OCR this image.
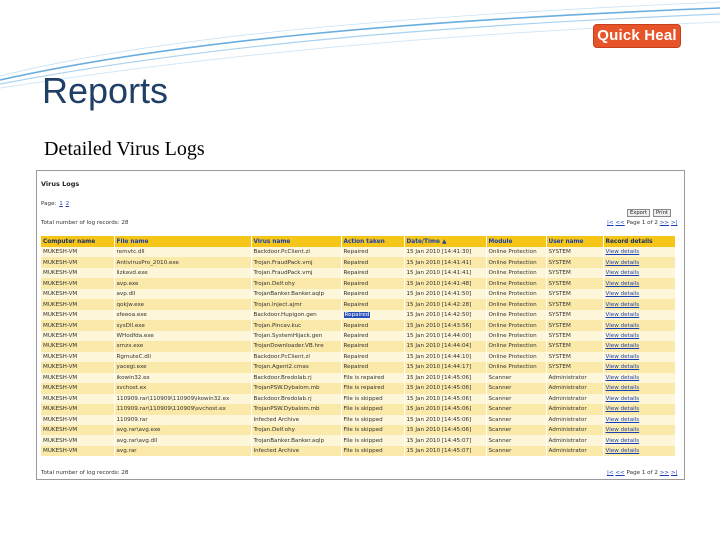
Quick Heal
Reports
Detailed Virus Logs
Virus Logs
Page: 1 2
Export	Print
Total number of log records: 28	|< << Page 1 of 2 >> >|
Computer name	File name	Virus name	Action taken	Date/Time ▲	Module	User name	Record details
MUKESH-VM	remvtc.dll	Backdoor.PcClient.zl	Repaired	15 Jan 2010 [14:41:30]	Online Protection	SYSTEM	View details
MUKESH-VM	AntivirusPro_2010.exe	Trojan.FraudPack.vmj	Repaired	15 Jan 2010 [14:41:41]	Online Protection	SYSTEM	View details
MUKESH-VM	lizkavd.exe	Trojan.FraudPack.vmj	Repaired	15 Jan 2010 [14:41:41]	Online Protection	SYSTEM	View details
MUKESH-VM	avp.exe	Trojan.Delf.ohy	Repaired	15 Jan 2010 [14:41:48]	Online Protection	SYSTEM	View details
MUKESH-VM	avp.dll	TrojanBanker.Banker.aqlp	Repaired	15 Jan 2010 [14:41:50]	Online Protection	SYSTEM	View details
MUKESH-VM	qokjw.exe	Trojan.Inject.ajmr	Repaired	15 Jan 2010 [14:42:28]	Online Protection	SYSTEM	View details
MUKESH-VM	sfeeoa.exe	Backdoor.Hupigon.gen	Repaired	15 Jan 2010 [14:42:50]	Online Protection	SYSTEM	View details
MUKESH-VM	sysDll.exe	Trojan.Pincav.kuc	Repaired	15 Jan 2010 [14:43:56]	Online Protection	SYSTEM	View details
MUKESH-VM	WHodfda.exe	Trojan.SystemHijack.gen	Repaired	15 Jan 2010 [14:44:00]	Online Protection	SYSTEM	View details
MUKESH-VM	xmzx.exe	TrojanDownloader.VB.hre	Repaired	15 Jan 2010 [14:44:04]	Online Protection	SYSTEM	View details
MUKESH-VM	RgmuteC.dll	Backdoor.PcClient.zl	Repaired	15 Jan 2010 [14:44:10]	Online Protection	SYSTEM	View details
MUKESH-VM	yacegi.exe	Trojan.Agent2.cmas	Repaired	15 Jan 2010 [14:44:17]	Online Protection	SYSTEM	View details
MUKESH-VM	ikowin32.ex	Backdoor.Bredolab.rj	File is repaired	15 Jan 2010 [14:45:06]	Scanner	Administrator	View details
MUKESH-VM	svchost.ex	TrojanPSW.Dybalom.mb	File is repaired	15 Jan 2010 [14:45:06]	Scanner	Administrator	View details
MUKESH-VM	110909.rar\110909\110909\ikowin32.ex	Backdoor.Bredolab.rj	File is skipped	15 Jan 2010 [14:45:06]	Scanner	Administrator	View details
MUKESH-VM	110909.rar\110909\110909\svchost.ex	TrojanPSW.Dybalom.mb	File is skipped	15 Jan 2010 [14:45:06]	Scanner	Administrator	View details
MUKESH-VM	110909.rar	Infected Archive	File is skipped	15 Jan 2010 [14:45:06]	Scanner	Administrator	View details
MUKESH-VM	avg.rar\avg.exe	Trojan.Delf.ohy	File is skipped	15 Jan 2010 [14:45:06]	Scanner	Administrator	View details
MUKESH-VM	avg.rar\avg.dll	TrojanBanker.Banker.aqlp	File is skipped	15 Jan 2010 [14:45:07]	Scanner	Administrator	View details
MUKESH-VM	avg.rar	Infected Archive	File is skipped	15 Jan 2010 [14:45:07]	Scanner	Administrator	View details
Total number of log records: 28	|< << Page 1 of 2 >> >|
